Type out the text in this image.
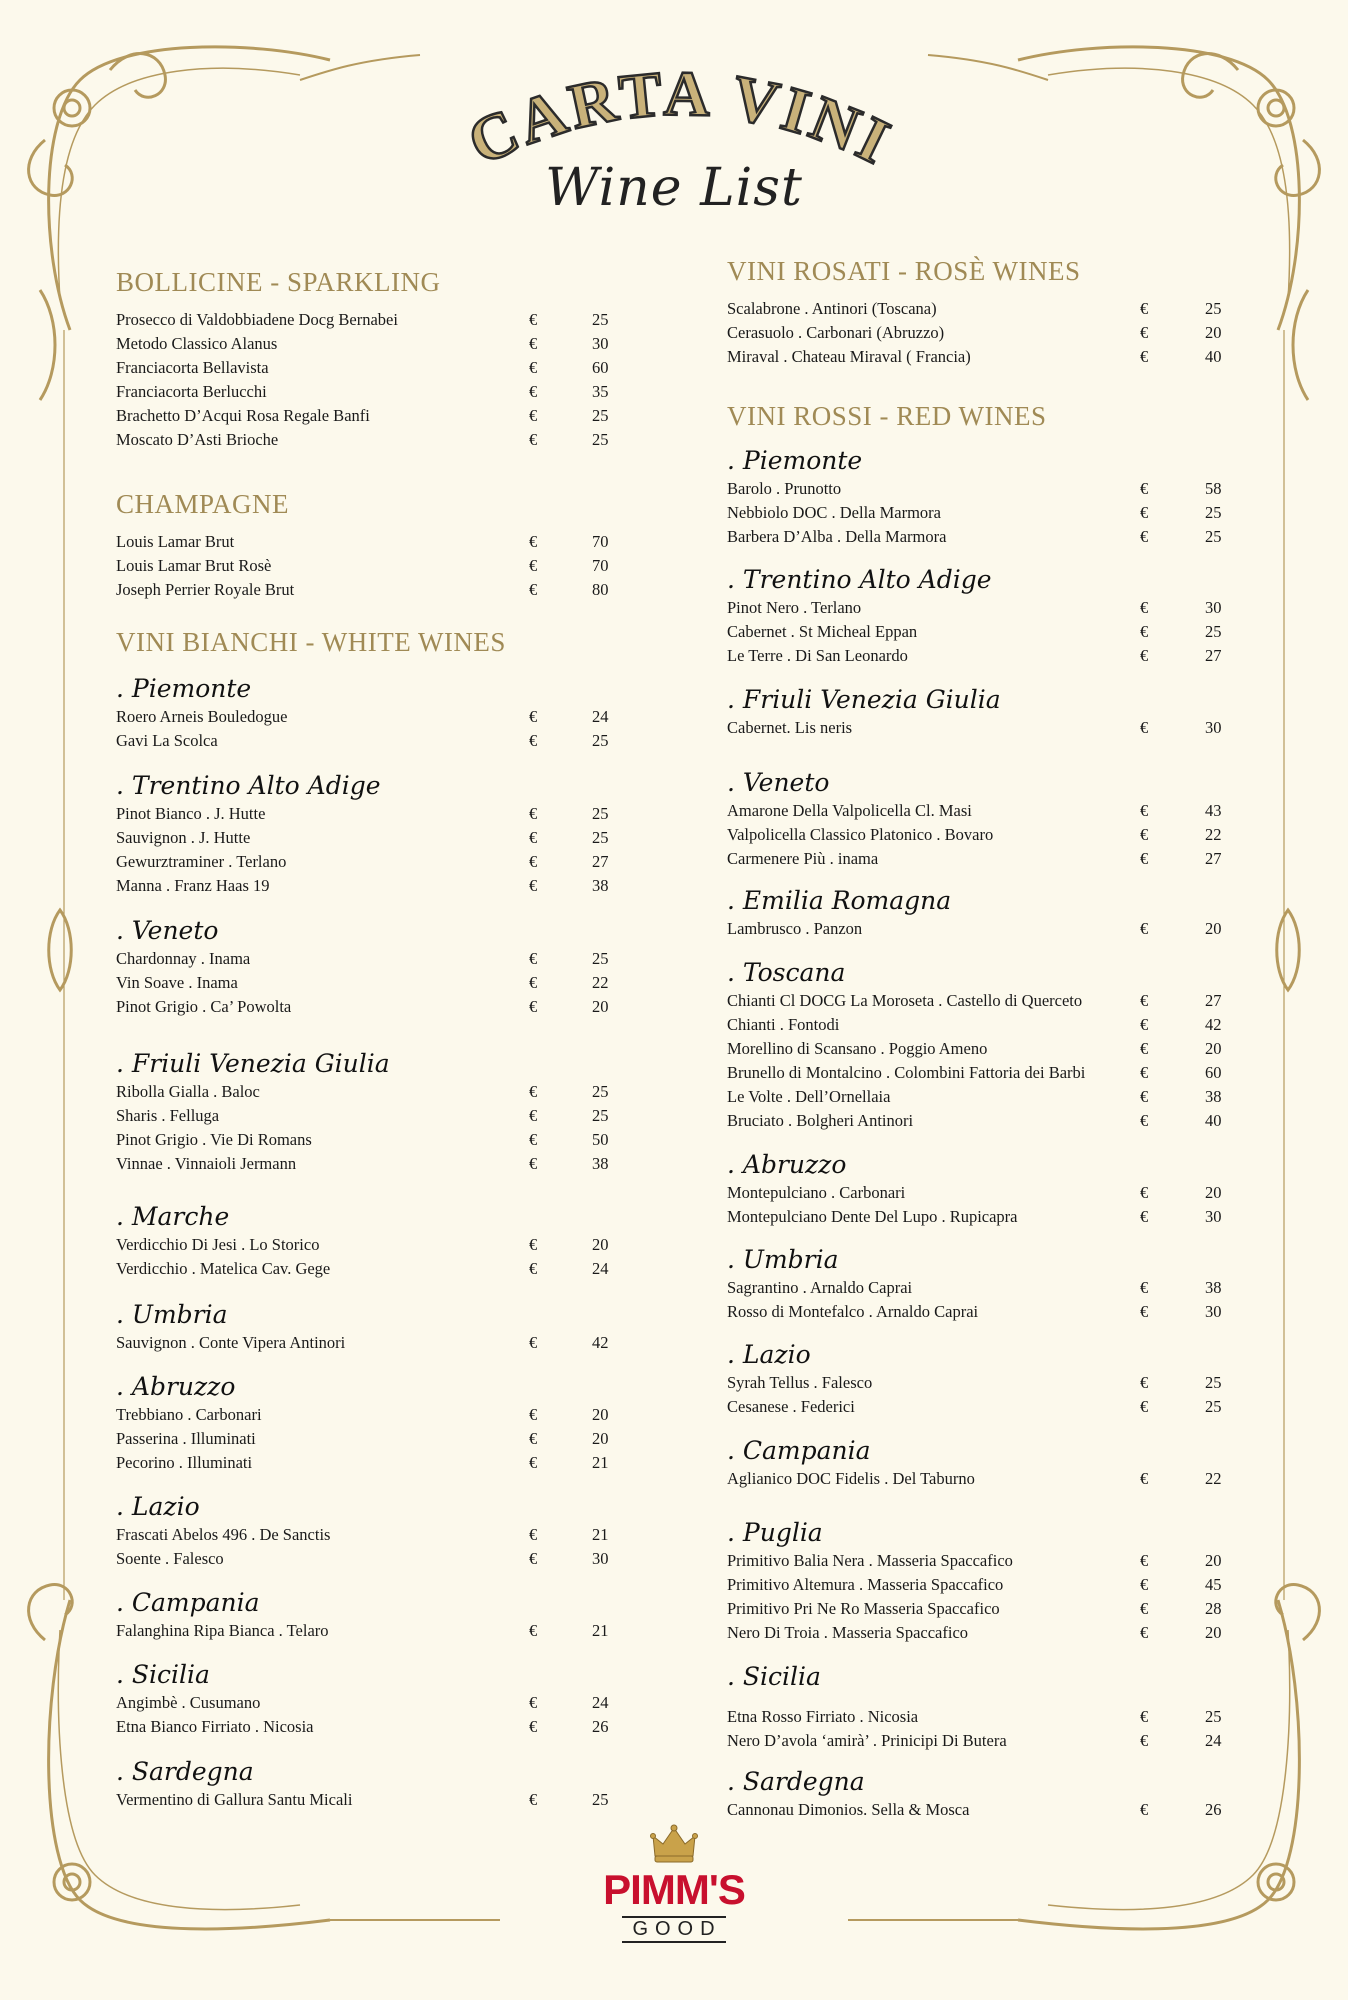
CARTA VINI
Wine List
BOLLICINE - SPARKLING
Prosecco di Valdobbiadene Docg Bernabei	€	25
Metodo Classico Alanus	€	30
Franciacorta Bellavista	€	60
Franciacorta Berlucchi	€	35
Brachetto D’Acqui Rosa Regale Banfi	€	25
Moscato D’Asti Brioche	€	25
CHAMPAGNE
Louis Lamar Brut	€	70
Louis Lamar Brut Rosè	€	70
Joseph Perrier Royale Brut	€	80
VINI BIANCHI - WHITE WINES
. Piemonte
Roero Arneis Bouledogue	€	24
Gavi La Scolca	€	25
. Trentino Alto Adige
Pinot Bianco . J. Hutte	€	25
Sauvignon . J. Hutte	€	25
Gewurztraminer . Terlano	€	27
Manna . Franz Haas 19	€	38
. Veneto
Chardonnay . Inama	€	25
Vin Soave . Inama	€	22
Pinot Grigio . Ca’ Powolta	€	20
. Friuli Venezia Giulia
Ribolla Gialla . Baloc	€	25
Sharis . Felluga	€	25
Pinot Grigio . Vie Di Romans	€	50
Vinnae . Vinnaioli Jermann	€	38
. Marche
Verdicchio Di Jesi . Lo Storico	€	20
Verdicchio . Matelica Cav. Gege	€	24
. Umbria
Sauvignon . Conte Vipera Antinori	€	42
. Abruzzo
Trebbiano . Carbonari	€	20
Passerina . Illuminati	€	20
Pecorino . Illuminati	€	21
. Lazio
Frascati Abelos 496 . De Sanctis	€	21
Soente . Falesco	€	30
. Campania
Falanghina Ripa Bianca . Telaro	€	21
. Sicilia
Angimbè . Cusumano	€	24
Etna Bianco Firriato . Nicosia	€	26
. Sardegna
Vermentino di Gallura Santu Micali	€	25
VINI ROSATI - ROSÈ WINES
Scalabrone . Antinori (Toscana)	€	25
Cerasuolo . Carbonari (Abruzzo)	€	20
Miraval . Chateau Miraval ( Francia)	€	40
VINI ROSSI - RED WINES
. Piemonte
Barolo . Prunotto	€	58
Nebbiolo DOC . Della Marmora	€	25
Barbera D’Alba . Della Marmora	€	25
. Trentino Alto Adige
Pinot Nero . Terlano	€	30
Cabernet . St Micheal Eppan	€	25
Le Terre . Di San Leonardo	€	27
. Friuli Venezia Giulia
Cabernet. Lis neris	€	30
. Veneto
Amarone Della Valpolicella Cl. Masi	€	43
Valpolicella Classico Platonico . Bovaro	€	22
Carmenere Più . inama	€	27
. Emilia Romagna
Lambrusco . Panzon	€	20
. Toscana
Chianti Cl DOCG La Moroseta . Castello di Querceto	€	27
Chianti . Fontodi	€	42
Morellino di Scansano . Poggio Ameno	€	20
Brunello di Montalcino . Colombini Fattoria dei Barbi	€	60
Le Volte . Dell’Ornellaia	€	38
Bruciato . Bolgheri Antinori	€	40
. Abruzzo
Montepulciano . Carbonari	€	20
Montepulciano Dente Del Lupo . Rupicapra	€	30
. Umbria
Sagrantino . Arnaldo Caprai	€	38
Rosso di Montefalco . Arnaldo Caprai	€	30
. Lazio
Syrah Tellus . Falesco	€	25
Cesanese . Federici	€	25
. Campania
Aglianico DOC Fidelis . Del Taburno	€	22
. Puglia
Primitivo Balia Nera . Masseria Spaccafico	€	20
Primitivo Altemura . Masseria Spaccafico	€	45
Primitivo Pri Ne Ro Masseria Spaccafico	€	28
Nero Di Troia . Masseria Spaccafico	€	20
. Sicilia
Etna Rosso Firriato . Nicosia	€	25
Nero D’avola ‘amirà’ . Prinicipi Di Butera	€	24
. Sardegna
Cannonau Dimonios. Sella & Mosca	€	26
PIMM'S
GOOD
